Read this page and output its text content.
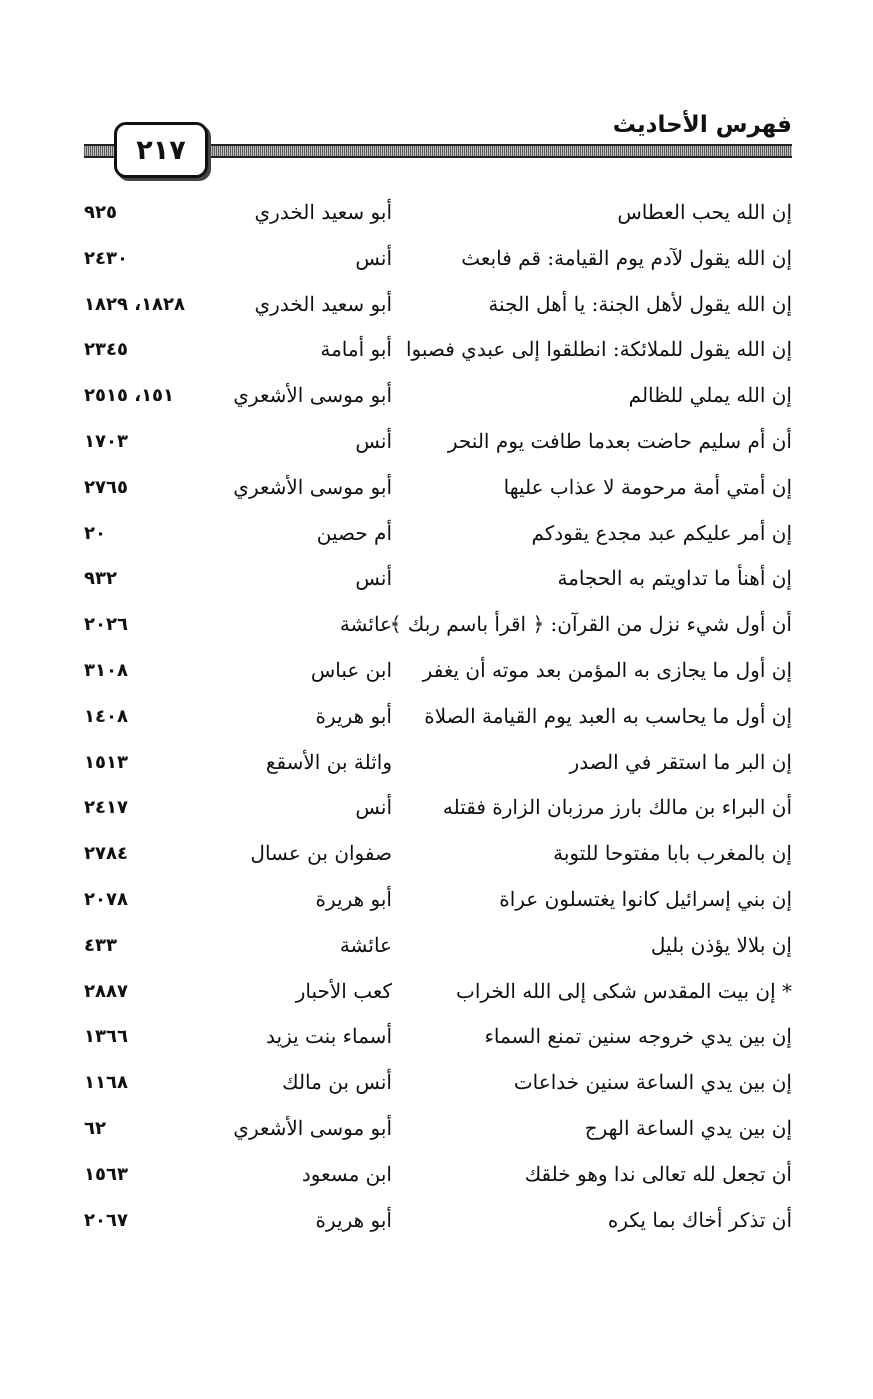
٢١٧
فهرس الأحاديث
إن الله يحب العطاس
أبو سعيد الخدري
٩٢٥
إن الله يقول لآدم يوم القيامة: قم فابعث
أنس
٢٤٣٠
إن الله يقول لأهل الجنة: يا أهل الجنة
أبو سعيد الخدري
١٨٢٨، ١٨٢٩
إن الله يقول للملائكة: انطلقوا إلى عبدي فصبوا
أبو أمامة
٢٣٤٥
إن الله يملي للظالم
أبو موسى الأشعري
١٥١، ٢٥١٥
أن أم سليم حاضت بعدما طافت يوم النحر
أنس
١٧٠٣
إن أمتي أمة مرحومة لا عذاب عليها
أبو موسى الأشعري
٢٧٦٥
إن أمر عليكم عبد مجدع يقودكم
أم حصين
٢٠
إن أهنأ ما تداويتم به الحجامة
أنس
٩٣٢
أن أول شيء نزل من القرآن: ﴿ اقرأ باسم ربك ﴾
عائشة
٢٠٢٦
إن أول ما يجازى به المؤمن بعد موته أن يغفر
ابن عباس
٣١٠٨
إن أول ما يحاسب به العبد يوم القيامة الصلاة
أبو هريرة
١٤٠٨
إن البر ما استقر في الصدر
واثلة بن الأسقع
١٥١٣
أن البراء بن مالك بارز مرزبان الزارة فقتله
أنس
٢٤١٧
إن بالمغرب بابا مفتوحا للتوبة
صفوان بن عسال
٢٧٨٤
إن بني إسرائيل كانوا يغتسلون عراة
أبو هريرة
٢٠٧٨
إن بلالا يؤذن بليل
عائشة
٤٣٣
* إن بيت المقدس شكى إلى الله الخراب
كعب الأحبار
٢٨٨٧
إن بين يدي خروجه سنين تمنع السماء
أسماء بنت يزيد
١٣٦٦
إن بين يدي الساعة سنين خداعات
أنس بن مالك
١١٦٨
إن بين يدي الساعة الهرج
أبو موسى الأشعري
٦٢
أن تجعل لله تعالى ندا وهو خلقك
ابن مسعود
١٥٦٣
أن تذكر أخاك بما يكره
أبو هريرة
٢٠٦٧
